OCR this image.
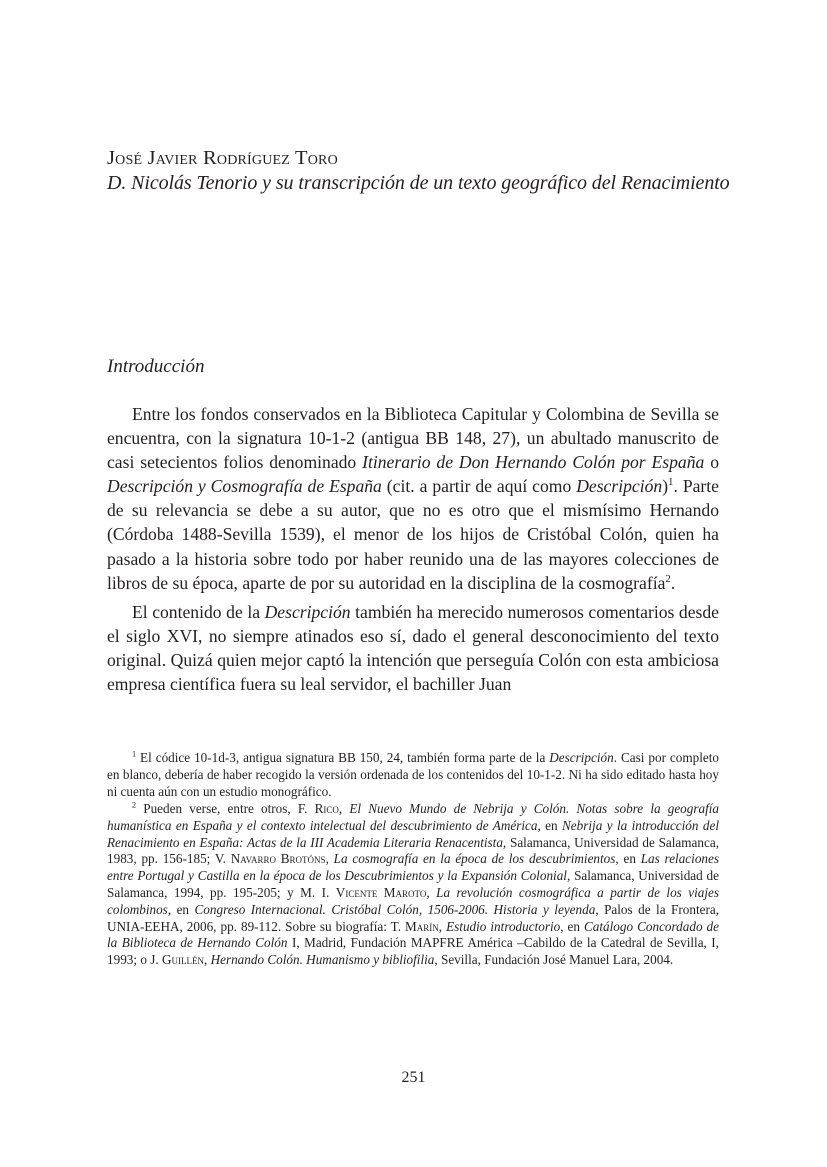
José Javier Rodríguez Toro
D. Nicolás Tenorio y su transcripción de un texto geográfico del Renacimiento
Introducción

Entre los fondos conservados en la Biblioteca Capitular y Colombina de Sevilla se encuentra, con la signatura 10-1-2 (antigua BB 148, 27), un abultado manuscrito de casi setecientos folios denominado Itinerario de Don Hernando Colón por España o Descripción y Cosmografía de España (cit. a partir de aquí como Descripción)$^1$. Parte de su relevancia se debe a su autor, que no es otro que el mismísimo Hernando (Córdoba 1488-Sevilla 1539), el menor de los hijos de Cristóbal Colón, quien ha pasado a la historia sobre todo por haber reunido una de las mayores colecciones de libros de su época, aparte de por su autoridad en la disciplina de la cosmografía$^2$.

El contenido de la Descripción también ha merecido numerosos comentarios desde el siglo XVI, no siempre atinados eso sí, dado el general desconocimiento del texto original. Quizá quien mejor captó la intención que perseguía Colón con esta ambiciosa empresa científica fuera su leal servidor, el bachiller Juan

$^1$ El códice 10-1d-3, antigua signatura BB 150, 24, también forma parte de la Descripción. Casi por completo en blanco, debería de haber recogido la versión ordenada de los contenidos del 10-1-2. Ni ha sido editado hasta hoy ni cuenta aún con un estudio monográfico.

$^2$ Pueden verse, entre otros, F. Rico, El Nuevo Mundo de Nebrija y Colón. Notas sobre la geografía humanística en España y el contexto intelectual del descubrimiento de América, en Nebrija y la introducción del Renacimiento en España: Actas de la III Academia Literaria Renacentista, Salamanca, Universidad de Salamanca, 1983, pp. 156-185; V. Navarro Brotóns, La cosmografía en la época de los descubrimientos, en Las relaciones entre Portugal y Castilla en la época de los Descubrimientos y la Expansión Colonial, Salamanca, Universidad de Salamanca, 1994, pp. 195-205; y M. I. Vicente Maroto, La revolución cosmográfica a partir de los viajes colombinos, en Congreso Internacional. Cristóbal Colón, 1506-2006. Historia y leyenda, Palos de la Frontera, UNIA-EEHA, 2006, pp. 89-112. Sobre su biografía: T. Marín, Estudio introductorio, en Catálogo Concordado de la Biblioteca de Hernando Colón I, Madrid, Fundación MAPFRE América –Cabildo de la Catedral de Sevilla, I, 1993; o J. Guillén, Hernando Colón. Humanismo y bibliofilia, Sevilla, Fundación José Manuel Lara, 2004.

251
